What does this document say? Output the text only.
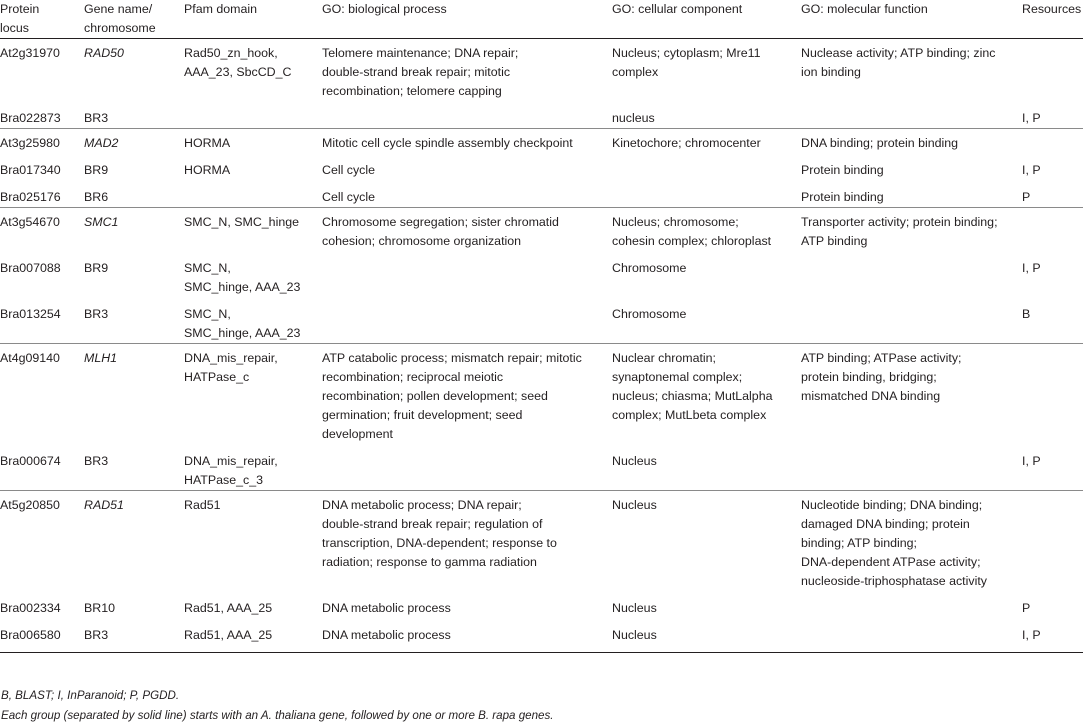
Protein
locus	Gene name/
chromosome	Pfam domain	GO: biological process	GO: cellular component	GO: molecular function	Resources
At2g31970	RAD50	Rad50_zn_hook,
AAA_23, SbcCD_C	Telomere maintenance; DNA repair;
double-strand break repair; mitotic
recombination; telomere capping	Nucleus; cytoplasm; Mre11
complex	Nuclease activity; ATP binding; zinc
ion binding	
Bra022873	BR3			nucleus		I, P
At3g25980	MAD2	HORMA	Mitotic cell cycle spindle assembly checkpoint	Kinetochore; chromocenter	DNA binding; protein binding	
Bra017340	BR9	HORMA	Cell cycle		Protein binding	I, P
Bra025176	BR6		Cell cycle		Protein binding	P
At3g54670	SMC1	SMC_N, SMC_hinge	Chromosome segregation; sister chromatid
cohesion; chromosome organization	Nucleus; chromosome;
cohesin complex; chloroplast	Transporter activity; protein binding;
ATP binding	
Bra007088	BR9	SMC_N,
SMC_hinge, AAA_23		Chromosome		I, P
Bra013254	BR3	SMC_N,
SMC_hinge, AAA_23		Chromosome		B
At4g09140	MLH1	DNA_mis_repair,
HATPase_c	ATP catabolic process; mismatch repair; mitotic
recombination; reciprocal meiotic
recombination; pollen development; seed
germination; fruit development; seed
development	Nuclear chromatin;
synaptonemal complex;
nucleus; chiasma; MutLalpha
complex; MutLbeta complex	ATP binding; ATPase activity;
protein binding, bridging;
mismatched DNA binding	
Bra000674	BR3	DNA_mis_repair,
HATPase_c_3		Nucleus		I, P
At5g20850	RAD51	Rad51	DNA metabolic process; DNA repair;
double-strand break repair; regulation of
transcription, DNA-dependent; response to
radiation; response to gamma radiation	Nucleus	Nucleotide binding; DNA binding;
damaged DNA binding; protein
binding; ATP binding;
DNA-dependent ATPase activity;
nucleoside-triphosphatase activity	
Bra002334	BR10	Rad51, AAA_25	DNA metabolic process	Nucleus		P
Bra006580	BR3	Rad51, AAA_25	DNA metabolic process	Nucleus		I, P
B, BLAST; I, InParanoid; P, PGDD.
Each group (separated by solid line) starts with an A. thaliana gene, followed by one or more B. rapa genes.
